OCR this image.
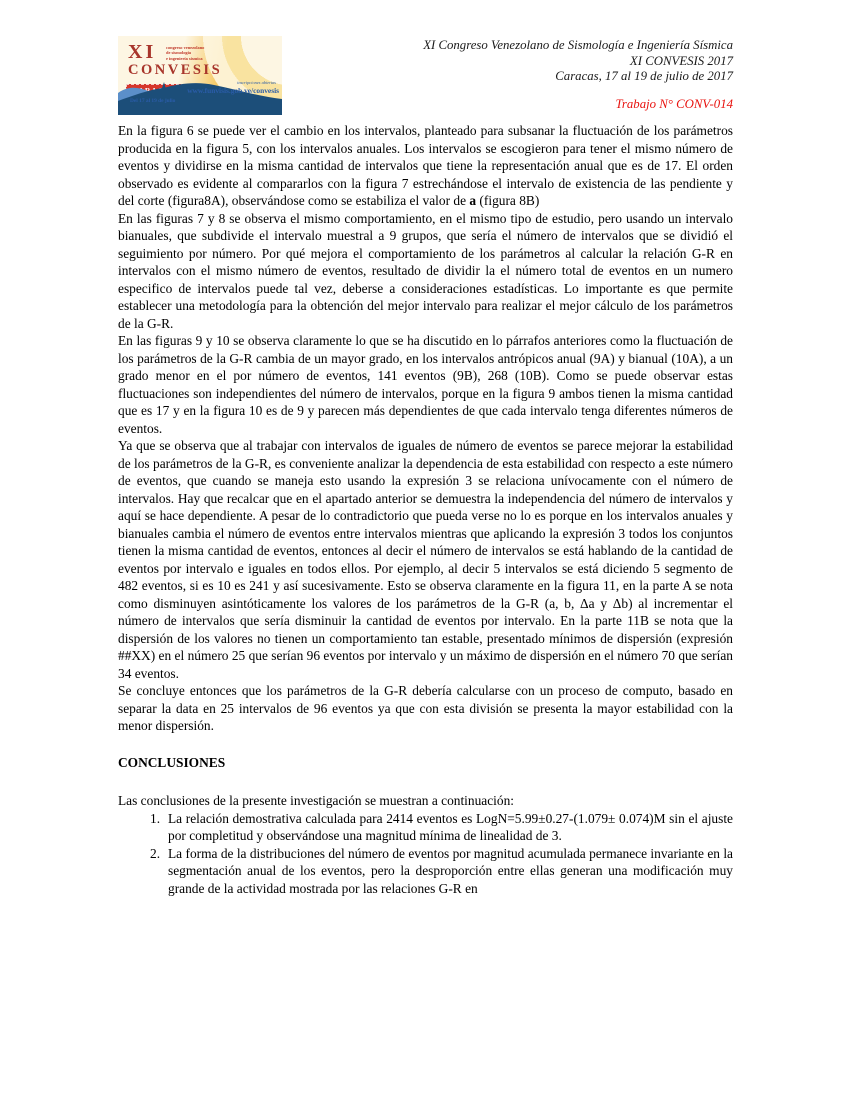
XI congreso venezolano
de sismología
e ingeniería sísmica
CONVESIS
Del 17 al 19 de julio
inscripciones abiertas
www.funvisis.gob.ve/convesis
XI Congreso Venezolano de Sismología e Ingeniería Sísmica
XI CONVESIS 2017
Caracas, 17 al 19 de julio de 2017
Trabajo N° CONV-014

En la figura 6 se puede ver el cambio en los intervalos, planteado para subsanar la fluctuación de los parámetros producida en la figura 5, con los intervalos anuales. Los intervalos se escogieron para tener el mismo número de eventos y dividirse en la misma cantidad de intervalos que tiene la representación anual que es de 17. El orden observado es evidente al compararlos con la figura 7 estrechándose el intervalo de existencia de las pendiente y del corte (figura8A), observándose como se estabiliza el valor de a (figura 8B)

En las figuras 7 y 8 se observa el mismo comportamiento, en el mismo tipo de estudio, pero usando un intervalo bianuales, que subdivide el intervalo muestral a 9 grupos, que sería el número de intervalos que se dividió el seguimiento por número. Por qué mejora el comportamiento de los parámetros al calcular la relación G-R en intervalos con el mismo número de eventos, resultado de dividir la el número total de eventos en un numero especifico de intervalos puede tal vez, deberse a consideraciones estadísticas. Lo importante es que permite establecer una metodología para la obtención del mejor intervalo para realizar el mejor cálculo de los parámetros de la G-R.

En las figuras 9 y 10 se observa claramente lo que se ha discutido en lo párrafos anteriores como la fluctuación de los parámetros de la G-R cambia de un mayor grado, en los intervalos antrópicos anual (9A) y bianual (10A), a un grado menor en el por número de eventos, 141 eventos (9B), 268 (10B). Como se puede observar estas fluctuaciones son independientes del número de intervalos, porque en la figura 9 ambos tienen la misma cantidad que es 17 y en la figura 10 es de 9 y parecen más dependientes de que cada intervalo tenga diferentes números de eventos.

Ya que se observa que al trabajar con intervalos de iguales de número de eventos se parece mejorar la estabilidad de los parámetros de la G-R, es conveniente analizar la dependencia de esta estabilidad con respecto a este número de eventos, que cuando se maneja esto usando la expresión 3 se relaciona unívocamente con el número de intervalos. Hay que recalcar que en el apartado anterior se demuestra la independencia del número de intervalos y aquí se hace dependiente. A pesar de lo contradictorio que pueda verse no lo es porque en los intervalos anuales y bianuales cambia el número de eventos entre intervalos mientras que aplicando la expresión 3 todos los conjuntos tienen la misma cantidad de eventos, entonces al decir el número de intervalos se está hablando de la cantidad de eventos por intervalo e iguales en todos ellos. Por ejemplo, al decir 5 intervalos se está diciendo 5 segmento de 482 eventos, si es 10 es 241 y así sucesivamente. Esto se observa claramente en la figura 11, en la parte A se nota como disminuyen asintóticamente los valores de los parámetros de la G-R (a, b, Δa y Δb) al incrementar el número de intervalos que sería disminuir la cantidad de eventos por intervalo. En la parte 11B se nota que la dispersión de los valores no tienen un comportamiento tan estable, presentado mínimos de dispersión (expresión ##XX) en el número 25 que serían 96 eventos por intervalo y un máximo de dispersión en el número 70 que serían 34 eventos.

Se concluye entonces que los parámetros de la G-R debería calcularse con un proceso de computo, basado en separar la data en 25 intervalos de 96 eventos ya que con esta división se presenta la mayor estabilidad con la menor dispersión.

CONCLUSIONES

Las conclusiones de la presente investigación se muestran a continuación:

1. La relación demostrativa calculada para 2414 eventos es LogN=5.99±0.27-(1.079± 0.074)M sin el ajuste por completitud y observándose una magnitud mínima de linealidad de 3.
2. La forma de la distribuciones del número de eventos por magnitud acumulada permanece invariante en la segmentación anual de los eventos, pero la desproporción entre ellas generan una modificación muy grande de la actividad mostrada por las relaciones G-R en
